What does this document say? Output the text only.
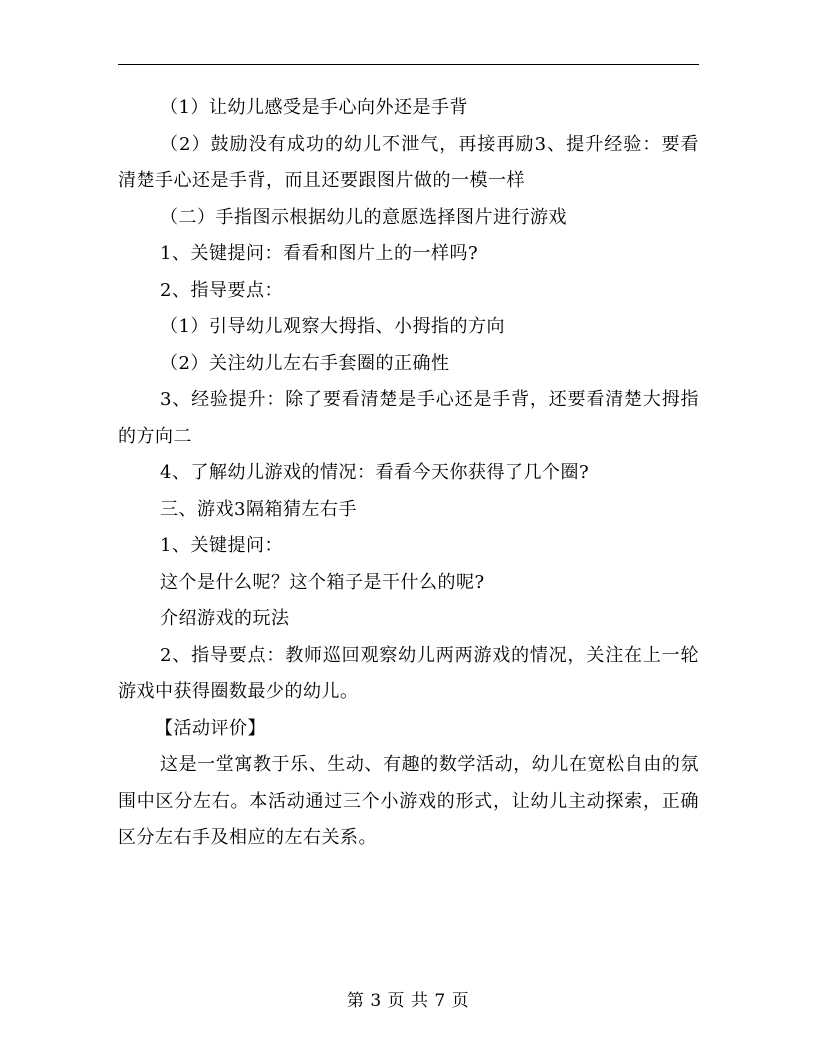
（1）让幼儿感受是手心向外还是手背

（2）鼓励没有成功的幼儿不泄气，再接再励3、提升经验：要看清楚手心还是手背，而且还要跟图片做的一模一样

（二）手指图示根据幼儿的意愿选择图片进行游戏

1、关键提问：看看和图片上的一样吗?

2、指导要点：

（1）引导幼儿观察大拇指、小拇指的方向

（2）关注幼儿左右手套圈的正确性

3、经验提升：除了要看清楚是手心还是手背，还要看清楚大拇指的方向二

4、了解幼儿游戏的情况：看看今天你获得了几个圈?

三、游戏3隔箱猜左右手

1、关键提问：

这个是什么呢？这个箱子是干什么的呢?

介绍游戏的玩法

2、指导要点：教师巡回观察幼儿两两游戏的情况，关注在上一轮游戏中获得圈数最少的幼儿。

【活动评价】

这是一堂寓教于乐、生动、有趣的数学活动，幼儿在宽松自由的氛围中区分左右。本活动通过三个小游戏的形式，让幼儿主动探索，正确区分左右手及相应的左右关系。

第 3 页 共 7 页
